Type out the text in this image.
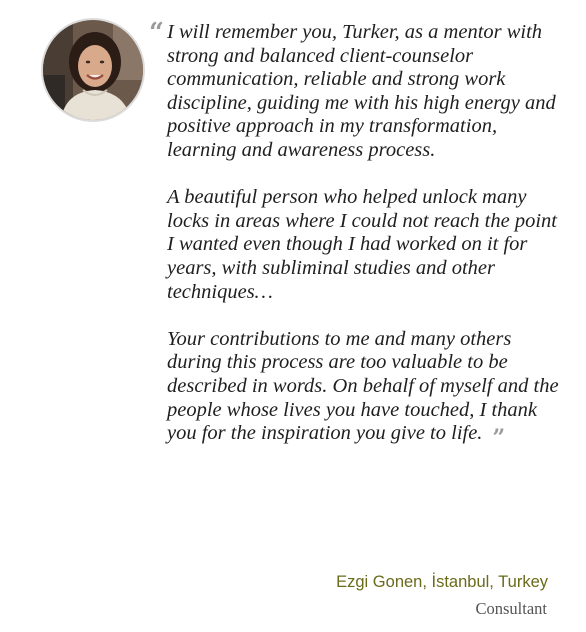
“ I will remember you, Turker, as a mentor with strong and balanced client-counselor communication, reliable and strong work discipline, guiding me with his high energy and positive approach in my transformation, learning and awareness process.

A beautiful person who helped unlock many locks in areas where I could not reach the point I wanted even though I had worked on it for years, with subliminal studies and other techniques…

Your contributions to me and many others during this process are too valuable to be described in words. On behalf of myself and the people whose lives you have touched, I thank you for the inspiration you give to life. ”

Ezgi Gonen, İstanbul, Turkey
Consultant
